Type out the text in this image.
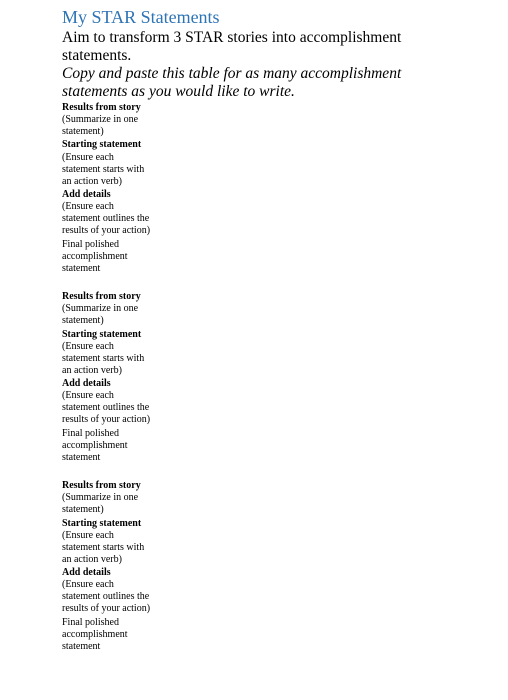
My STAR Statements
Aim to transform 3 STAR stories into accomplishment statements.
Copy and paste this table for as many accomplishment statements as you would like to write.
Results from story
(Summarize in one statement)
Starting statement
(Ensure each statement starts with an action verb)
Add details
(Ensure each statement outlines the results of your action)
Final polished accomplishment statement
Results from story
(Summarize in one statement)
Starting statement
(Ensure each statement starts with an action verb)
Add details
(Ensure each statement outlines the results of your action)
Final polished accomplishment statement
Results from story
(Summarize in one statement)
Starting statement
(Ensure each statement starts with an action verb)
Add details
(Ensure each statement outlines the results of your action)
Final polished accomplishment statement
